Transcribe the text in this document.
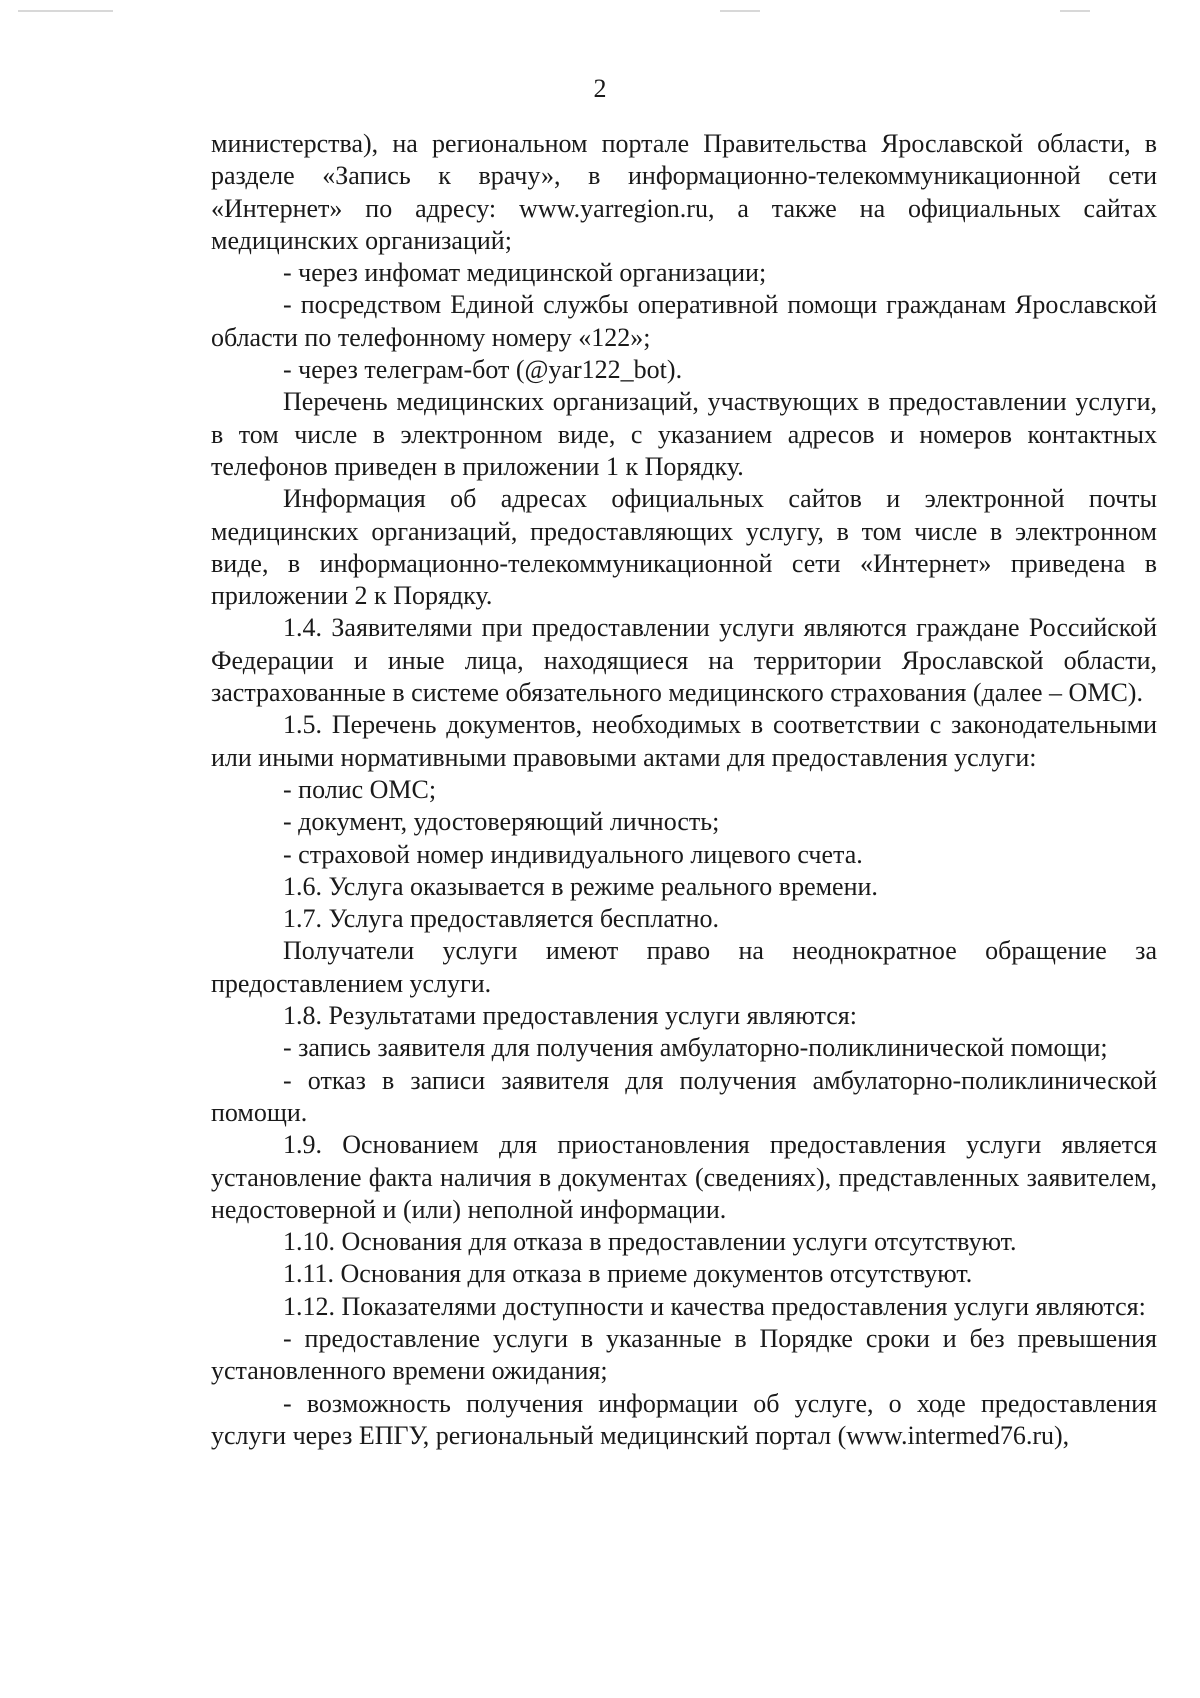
2

министерства), на региональном портале Правительства Ярославской области, в разделе «Запись к врачу», в информационно-телекоммуникационной сети «Интернет» по адресу: www.yarregion.ru, а также на официальных сайтах медицинских организаций;

- через инфомат медицинской организации;

- посредством Единой службы оперативной помощи гражданам Ярославской области по телефонному номеру «122»;

- через телеграм-бот (@yar122_bot).

Перечень медицинских организаций, участвующих в предоставлении услуги, в том числе в электронном виде, с указанием адресов и номеров контактных телефонов приведен в приложении 1 к Порядку.

Информация об адресах официальных сайтов и электронной почты медицинских организаций, предоставляющих услугу, в том числе в электронном виде, в информационно-телекоммуникационной сети «Интернет» приведена в приложении 2 к Порядку.

1.4. Заявителями при предоставлении услуги являются граждане Российской Федерации и иные лица, находящиеся на территории Ярославской области, застрахованные в системе обязательного медицинского страхования (далее – ОМС).

1.5. Перечень документов, необходимых в соответствии с законодательными или иными нормативными правовыми актами для предоставления услуги:

- полис ОМС;

- документ, удостоверяющий личность;

- страховой номер индивидуального лицевого счета.

1.6. Услуга оказывается в режиме реального времени.

1.7. Услуга предоставляется бесплатно.

Получатели услуги имеют право на неоднократное обращение за предоставлением услуги.

1.8. Результатами предоставления услуги являются:

- запись заявителя для получения амбулаторно-поликлинической помощи;

- отказ в записи заявителя для получения амбулаторно-поликлинической помощи.

1.9. Основанием для приостановления предоставления услуги является установление факта наличия в документах (сведениях), представленных заявителем, недостоверной и (или) неполной информации.

1.10. Основания для отказа в предоставлении услуги отсутствуют.

1.11. Основания для отказа в приеме документов отсутствуют.

1.12. Показателями доступности и качества предоставления услуги являются:

- предоставление услуги в указанные в Порядке сроки и без превышения установленного времени ожидания;

- возможность получения информации об услуге, о ходе предоставления услуги через ЕПГУ, региональный медицинский портал (www.intermed76.ru),
